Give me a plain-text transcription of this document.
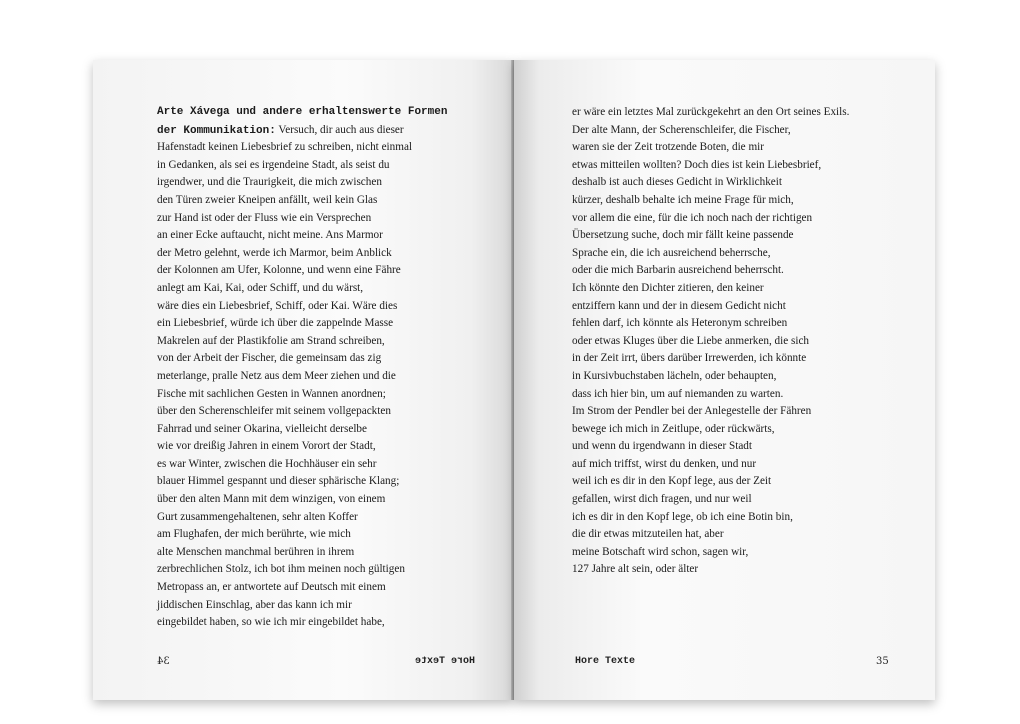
Arte Xávega und andere erhaltenswerte Formen
der Kommunikation: Versuch, dir auch aus dieser
Hafenstadt keinen Liebesbrief zu schreiben, nicht einmal
in Gedanken, als sei es irgendeine Stadt, als seist du
irgendwer, und die Traurigkeit, die mich zwischen
den Türen zweier Kneipen anfällt, weil kein Glas
zur Hand ist oder der Fluss wie ein Versprechen
an einer Ecke auftaucht, nicht meine. Ans Marmor
der Metro gelehnt, werde ich Marmor, beim Anblick
der Kolonnen am Ufer, Kolonne, und wenn eine Fähre
anlegt am Kai, Kai, oder Schiff, und du wärst,
wäre dies ein Liebesbrief, Schiff, oder Kai. Wäre dies
ein Liebesbrief, würde ich über die zappelnde Masse
Makrelen auf der Plastikfolie am Strand schreiben,
von der Arbeit der Fischer, die gemeinsam das zig
meterlange, pralle Netz aus dem Meer ziehen und die
Fische mit sachlichen Gesten in Wannen anordnen;
über den Scherenschleifer mit seinem vollgepackten
Fahrrad und seiner Okarina, vielleicht derselbe
wie vor dreißig Jahren in einem Vorort der Stadt,
es war Winter, zwischen die Hochhäuser ein sehr
blauer Himmel gespannt und dieser sphärische Klang;
über den alten Mann mit dem winzigen, von einem
Gurt zusammengehaltenen, sehr alten Koffer
am Flughafen, der mich berührte, wie mich
alte Menschen manchmal berühren in ihrem
zerbrechlichen Stolz, ich bot ihm meinen noch gültigen
Metropass an, er antwortete auf Deutsch mit einem
jiddischen Einschlag, aber das kann ich mir
eingebildet haben, so wie ich mir eingebildet habe,
34	Hore Texte
er wäre ein letztes Mal zurückgekehrt an den Ort seines Exils.
Der alte Mann, der Scherenschleifer, die Fischer,
waren sie der Zeit trotzende Boten, die mir
etwas mitteilen wollten? Doch dies ist kein Liebesbrief,
deshalb ist auch dieses Gedicht in Wirklichkeit
kürzer, deshalb behalte ich meine Frage für mich,
vor allem die eine, für die ich noch nach der richtigen
Übersetzung suche, doch mir fällt keine passende
Sprache ein, die ich ausreichend beherrsche,
oder die mich Barbarin ausreichend beherrscht.
Ich könnte den Dichter zitieren, den keiner
entziffern kann und der in diesem Gedicht nicht
fehlen darf, ich könnte als Heteronym schreiben
oder etwas Kluges über die Liebe anmerken, die sich
in der Zeit irrt, übers darüber Irrewerden, ich könnte
in Kursivbuchstaben lächeln, oder behaupten,
dass ich hier bin, um auf niemanden zu warten.
Im Strom der Pendler bei der Anlegestelle der Fähren
bewege ich mich in Zeitlupe, oder rückwärts,
und wenn du irgendwann in dieser Stadt
auf mich triffst, wirst du denken, und nur
weil ich es dir in den Kopf lege, aus der Zeit
gefallen, wirst dich fragen, und nur weil
ich es dir in den Kopf lege, ob ich eine Botin bin,
die dir etwas mitzuteilen hat, aber
meine Botschaft wird schon, sagen wir,
127 Jahre alt sein, oder älter
Hore Texte	35
